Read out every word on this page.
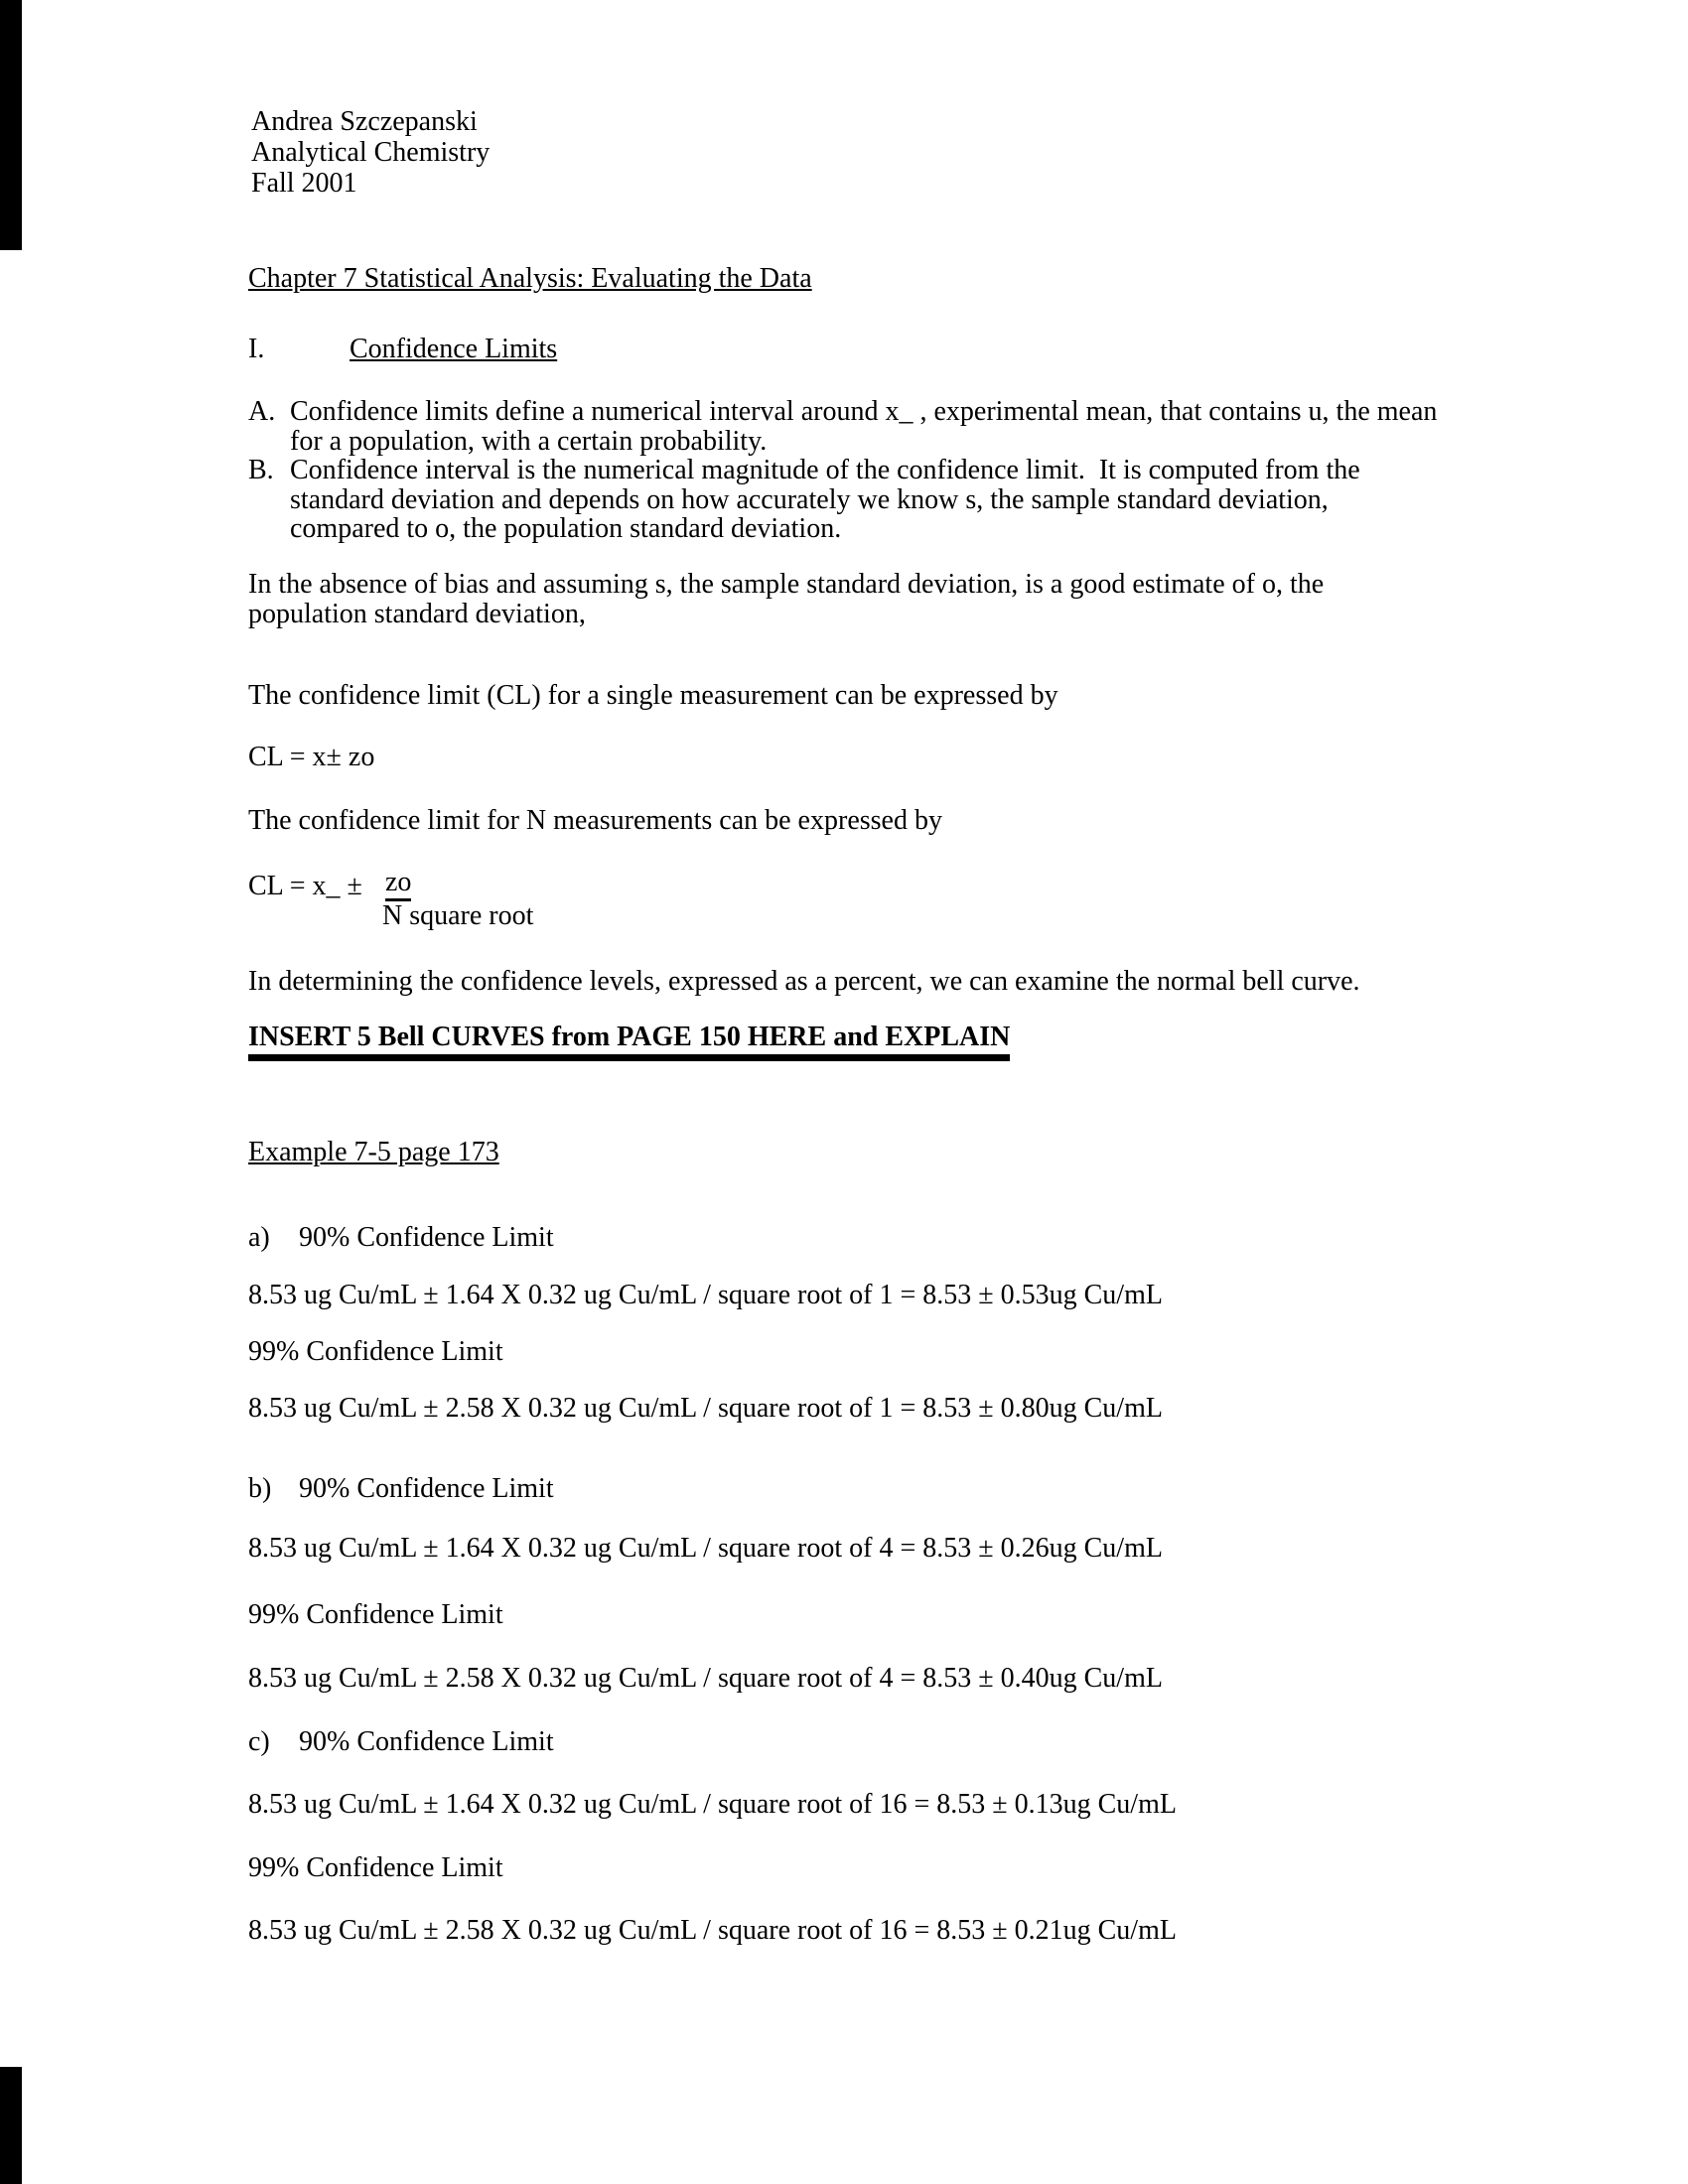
Andrea Szczepanski
Analytical Chemistry
Fall 2001
Chapter 7 Statistical Analysis: Evaluating the Data
I.	Confidence Limits
A. Confidence limits define a numerical interval around x_ , experimental mean, that contains u, the mean
for a population, with a certain probability.
B. Confidence interval is the numerical magnitude of the confidence limit.  It is computed from the
standard deviation and depends on how accurately we know s, the sample standard deviation,
compared to o, the population standard deviation.
In the absence of bias and assuming s, the sample standard deviation, is a good estimate of o, the
population standard deviation,
The confidence limit (CL) for a single measurement can be expressed by
CL = x± zo
The confidence limit for N measurements can be expressed by
CL = x_ ± zo
N square root
In determining the confidence levels, expressed as a percent, we can examine the normal bell curve.
INSERT 5 Bell CURVES from PAGE 150 HERE and EXPLAIN
Example 7-5 page 173
a) 90% Confidence Limit
8.53 ug Cu/mL ± 1.64 X 0.32 ug Cu/mL / square root of 1 = 8.53 ± 0.53ug Cu/mL
99% Confidence Limit
8.53 ug Cu/mL ± 2.58 X 0.32 ug Cu/mL / square root of 1 = 8.53 ± 0.80ug Cu/mL
b) 90% Confidence Limit
8.53 ug Cu/mL ± 1.64 X 0.32 ug Cu/mL / square root of 4 = 8.53 ± 0.26ug Cu/mL
99% Confidence Limit
8.53 ug Cu/mL ± 2.58 X 0.32 ug Cu/mL / square root of 4 = 8.53 ± 0.40ug Cu/mL
c) 90% Confidence Limit
8.53 ug Cu/mL ± 1.64 X 0.32 ug Cu/mL / square root of 16 = 8.53 ± 0.13ug Cu/mL
99% Confidence Limit
8.53 ug Cu/mL ± 2.58 X 0.32 ug Cu/mL / square root of 16 = 8.53 ± 0.21ug Cu/mL
